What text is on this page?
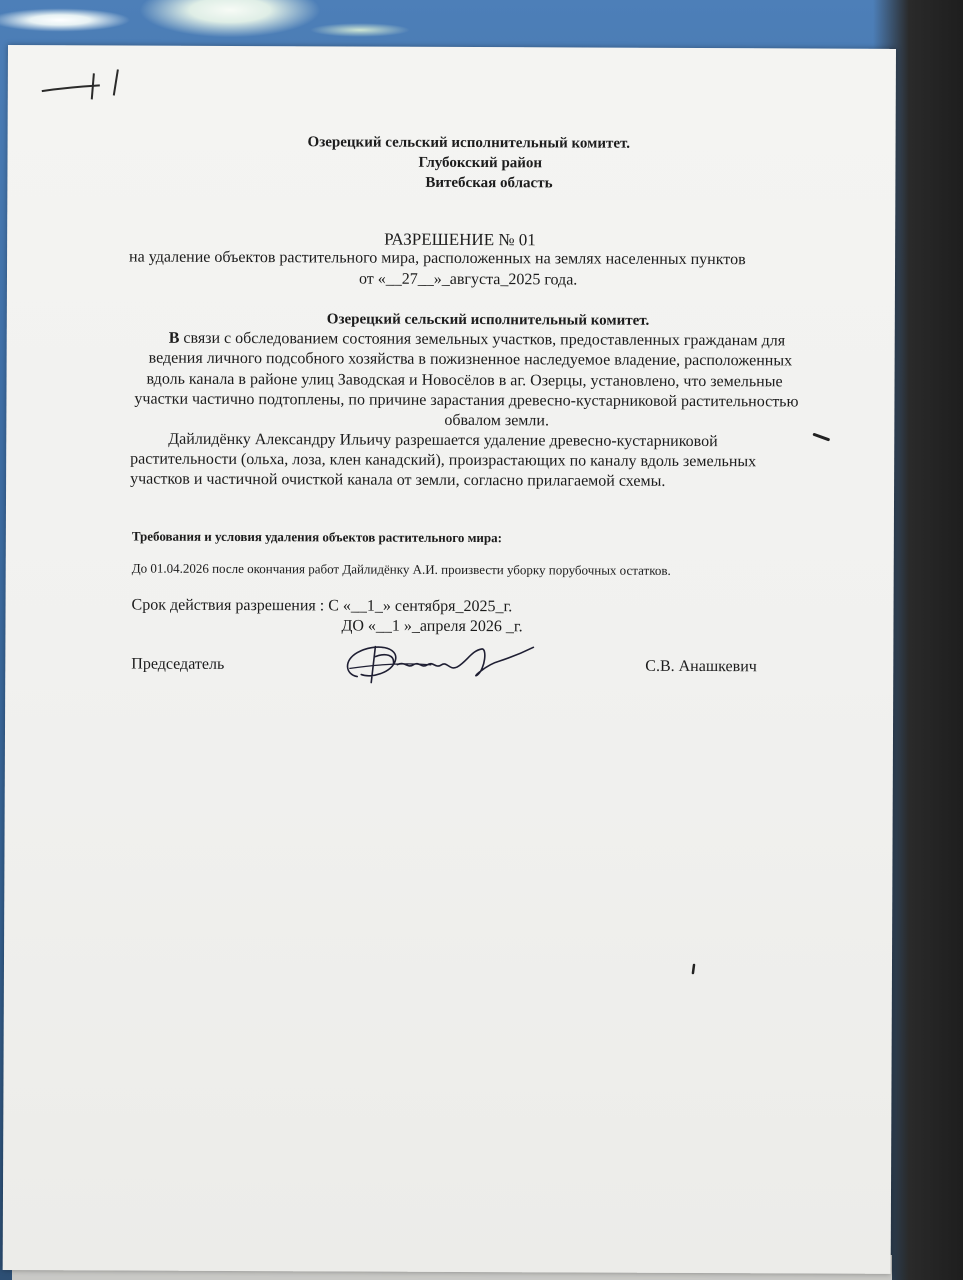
Озерецкий сельский исполнительный комитет.
Глубокский район
Витебская область
РАЗРЕШЕНИЕ № 01
на удаление объектов растительного мира, расположенных на землях населенных пунктов
от «__27__»_августа_2025 года.
Озерецкий сельский исполнительный комитет.
В связи с обследованием состояния земельных участков, предоставленных гражданам для
ведения личного подсобного хозяйства в пожизненное наследуемое владение, расположенных
вдоль канала в районе улиц Заводская и Новосёлов в аг. Озерцы, установлено, что земельные
участки частично подтоплены, по причине зарастания древесно-кустарниковой растительностью
обвалом земли.
Дайлидёнку Александру Ильичу разрешается удаление древесно-кустарниковой
растительности (ольха, лоза, клен канадский), произрастающих по каналу вдоль земельных
участков и частичной очисткой канала от земли, согласно прилагаемой схемы.
Требования и условия удаления объектов растительного мира:
До 01.04.2026 после окончания работ Дайлидёнку А.И. произвести уборку порубочных остатков.
Срок действия разрешения : С «__1_» сентября_2025_г.
ДО «__1 »_апреля 2026 _г.
Председатель	С.В. Анашкевич
